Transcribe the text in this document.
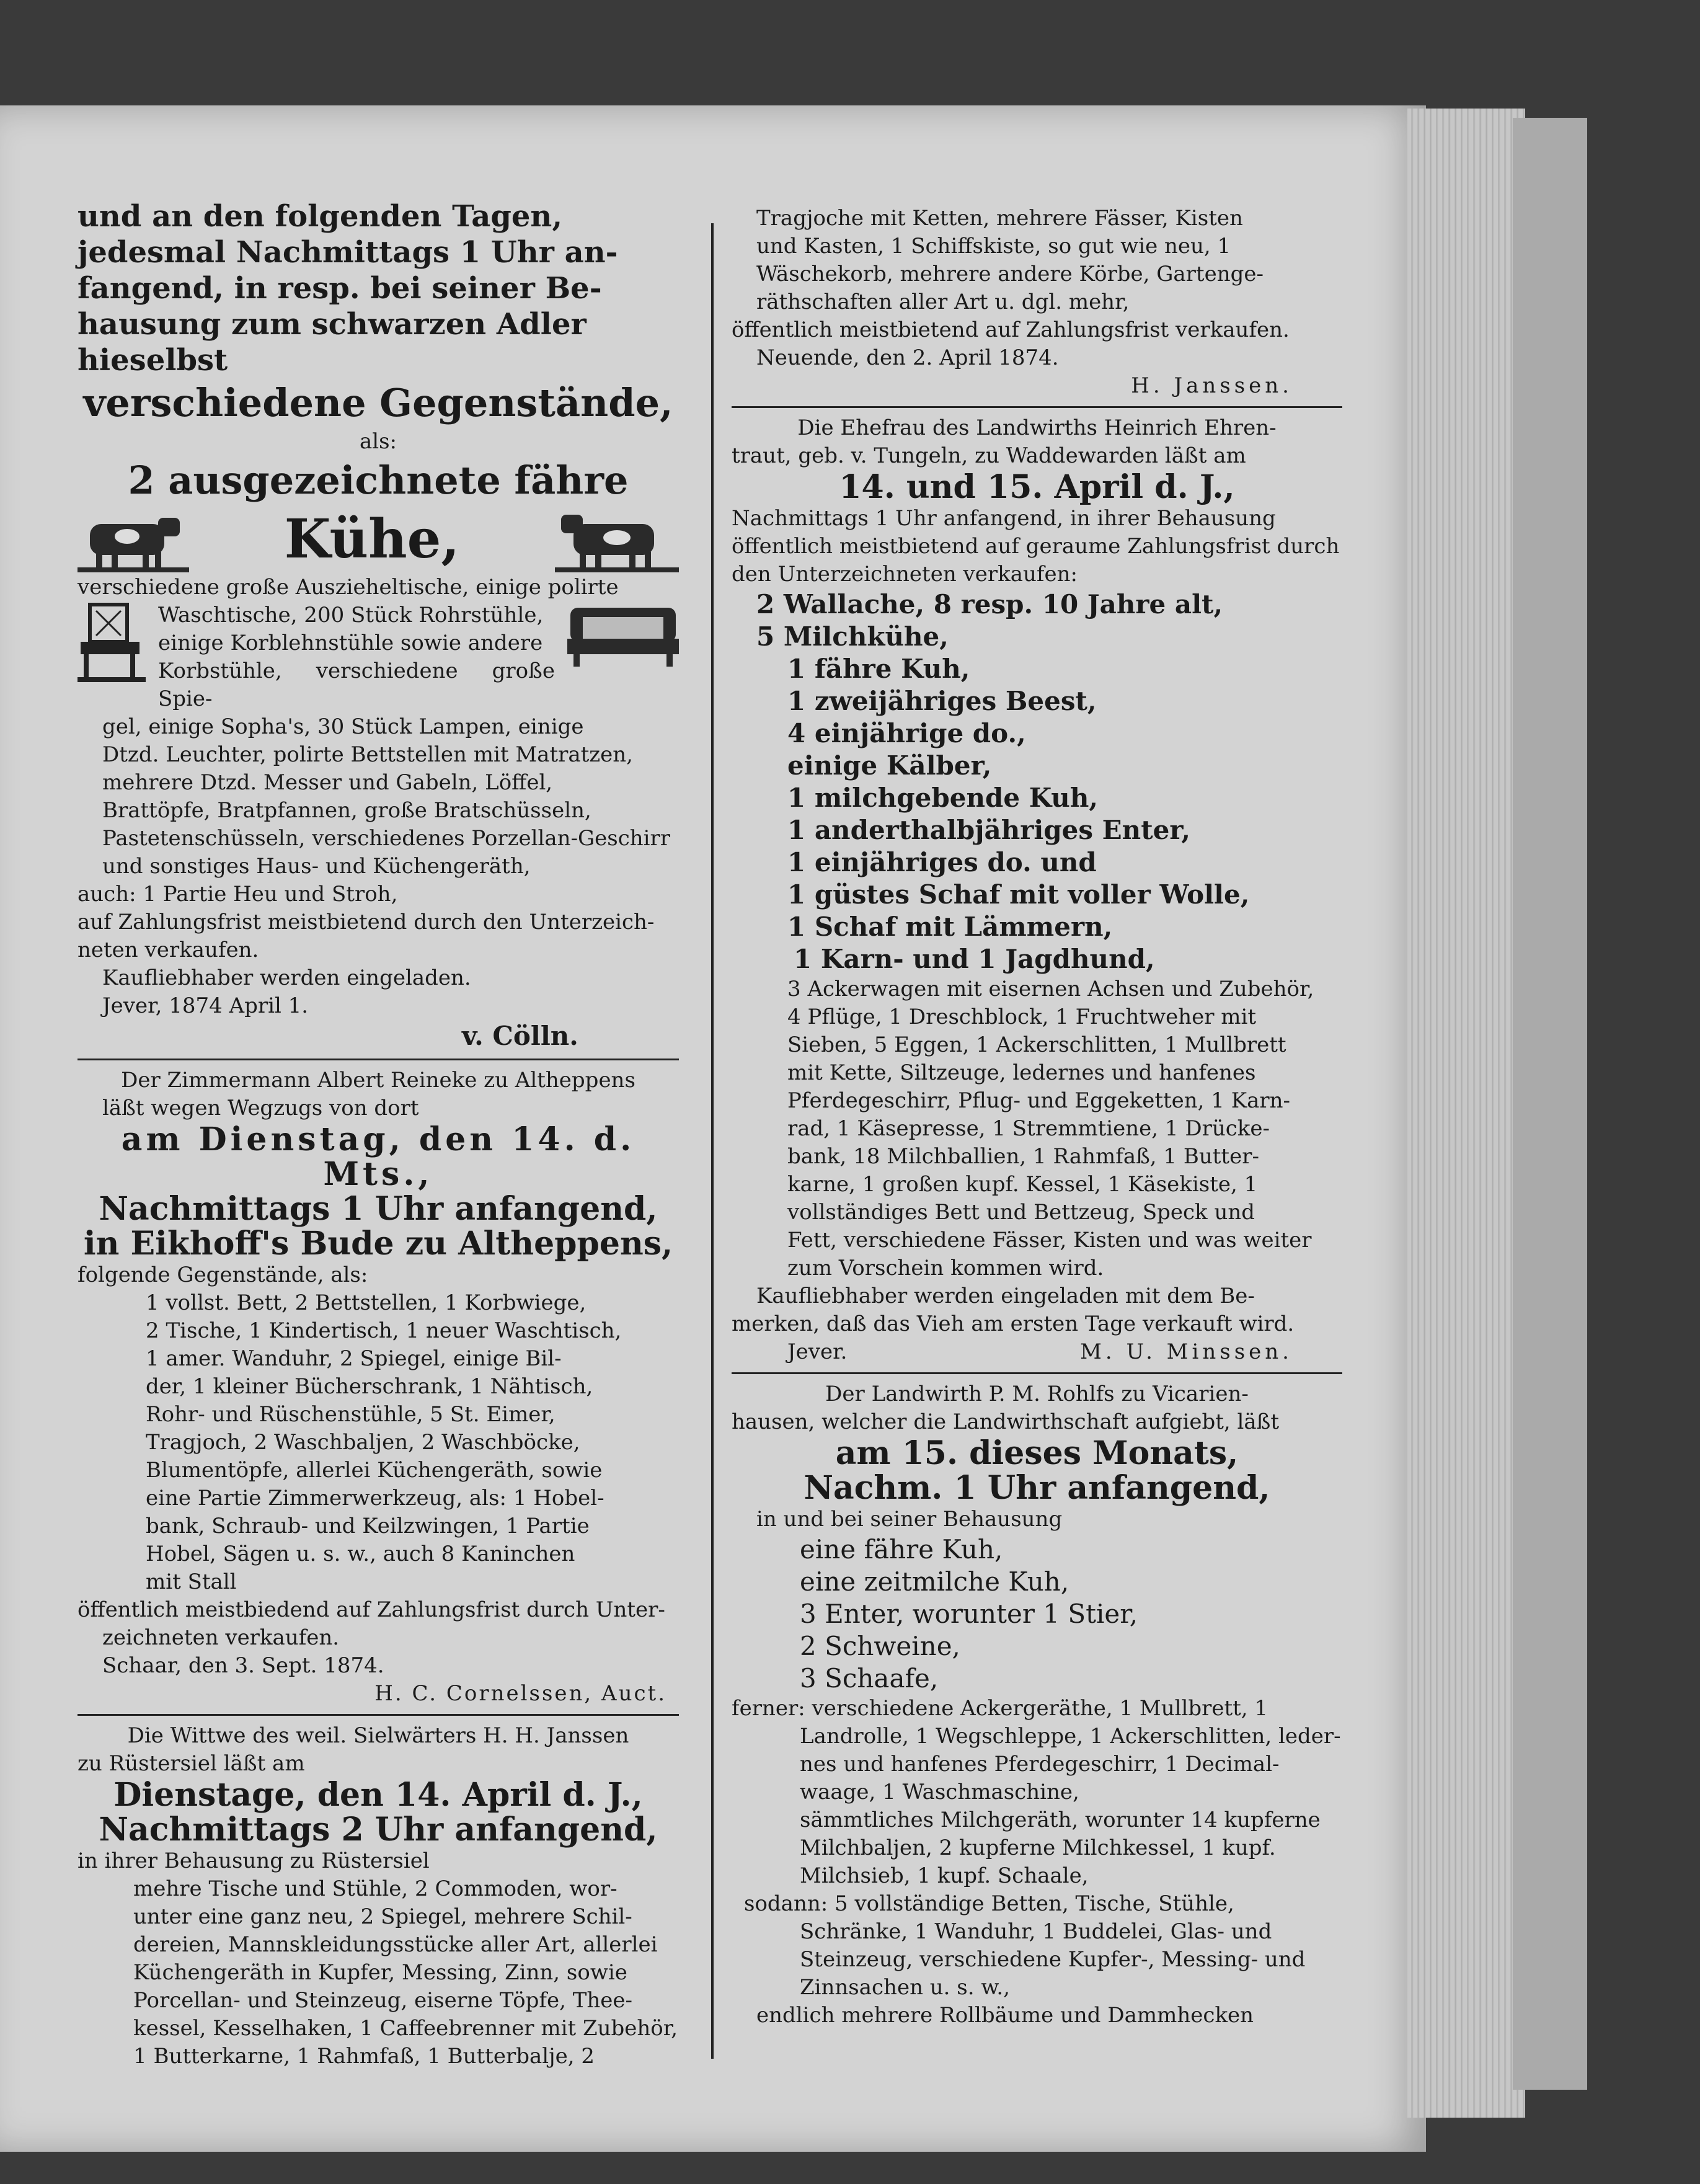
und an den folgenden Tagen,
jedesmal Nachmittags 1 Uhr an-
fangend, in resp. bei seiner Be-
hausung zum schwarzen Adler
hieselbst
verschiedene Gegenstände,
als:
2 ausgezeichnete fähre
Kühe,
verschiedene große Auszieheltische, einige polirte
Waschtische, 200 Stück Rohrstühle,
einige Korblehnstühle sowie andere
Korbstühle, verschiedene große Spie-
gel, einige Sopha's, 30 Stück Lampen, einige
Dtzd. Leuchter, polirte Bettstellen mit Matratzen,
mehrere Dtzd. Messer und Gabeln, Löffel,
Brattöpfe, Bratpfannen, große Bratschüsseln,
Pastetenschüsseln, verschiedenes Porzellan-Geschirr
und sonstiges Haus- und Küchengeräth,
auch: 1 Partie Heu und Stroh,
auf Zahlungsfrist meistbietend durch den Unterzeich-
neten verkaufen.
Kaufliebhaber werden eingeladen.
Jever, 1874 April 1.
v. Cölln.
Der Zimmermann Albert Reineke zu Altheppens
läßt wegen Wegzugs von dort
am Dienstag, den 14. d. Mts.,
Nachmittags 1 Uhr anfangend,
in Eikhoff's Bude zu Altheppens,
folgende Gegenstände, als:
1 vollst. Bett, 2 Bettstellen, 1 Korbwiege,
2 Tische, 1 Kindertisch, 1 neuer Waschtisch,
1 amer. Wanduhr, 2 Spiegel, einige Bil-
der, 1 kleiner Bücherschrank, 1 Nähtisch,
Rohr- und Rüschenstühle, 5 St. Eimer,
Tragjoch, 2 Waschbaljen, 2 Waschböcke,
Blumentöpfe, allerlei Küchengeräth, sowie
eine Partie Zimmerwerkzeug, als: 1 Hobel-
bank, Schraub- und Keilzwingen, 1 Partie
Hobel, Sägen u. s. w., auch 8 Kaninchen
mit Stall
öffentlich meistbiedend auf Zahlungsfrist durch Unter-
zeichneten verkaufen.
Schaar, den 3. Sept. 1874.
H. C. Cornelssen, Auct.
Die Wittwe des weil. Sielwärters H. H. Janssen
zu Rüstersiel läßt am
Dienstage, den 14. April d. J.,
Nachmittags 2 Uhr anfangend,
in ihrer Behausung zu Rüstersiel
mehre Tische und Stühle, 2 Commoden, wor-
unter eine ganz neu, 2 Spiegel, mehrere Schil-
dereien, Mannskleidungsstücke aller Art, allerlei
Küchengeräth in Kupfer, Messing, Zinn, sowie
Porcellan- und Steinzeug, eiserne Töpfe, Thee-
kessel, Kesselhaken, 1 Caffeebrenner mit Zubehör,
1 Butterkarne, 1 Rahmfaß, 1 Butterbalje, 2
Tragjoche mit Ketten, mehrere Fässer, Kisten
und Kasten, 1 Schiffskiste, so gut wie neu, 1
Wäschekorb, mehrere andere Körbe, Gartenge-
räthschaften aller Art u. dgl. mehr,
öffentlich meistbietend auf Zahlungsfrist verkaufen.
Neuende, den 2. April 1874.
H. Janssen.
Die Ehefrau des Landwirths Heinrich Ehren-
traut, geb. v. Tungeln, zu Waddewarden läßt am
14. und 15. April d. J.,
Nachmittags 1 Uhr anfangend, in ihrer Behausung
öffentlich meistbietend auf geraume Zahlungsfrist durch
den Unterzeichneten verkaufen:
2 Wallache, 8 resp. 10 Jahre alt,
5 Milchkühe,
1 fähre Kuh,
1 zweijähriges Beest,
4 einjährige do.,
einige Kälber,
1 milchgebende Kuh,
1 anderthalbjähriges Enter,
1 einjähriges do. und
1 güstes Schaf mit voller Wolle,
1 Schaf mit Lämmern,
1 Karn- und 1 Jagdhund,
3 Ackerwagen mit eisernen Achsen und Zubehör,
4 Pflüge, 1 Dreschblock, 1 Fruchtweher mit
Sieben, 5 Eggen, 1 Ackerschlitten, 1 Mullbrett
mit Kette, Siltzeuge, ledernes und hanfenes
Pferdegeschirr, Pflug- und Eggeketten, 1 Karn-
rad, 1 Käsepresse, 1 Stremmtiene, 1 Drücke-
bank, 18 Milchballien, 1 Rahmfaß, 1 Butter-
karne, 1 großen kupf. Kessel, 1 Käsekiste, 1
vollständiges Bett und Bettzeug, Speck und
Fett, verschiedene Fässer, Kisten und was weiter
zum Vorschein kommen wird.
Kaufliebhaber werden eingeladen mit dem Be-
merken, daß das Vieh am ersten Tage verkauft wird.
Jever.	M. U. Minssen.
Der Landwirth P. M. Rohlfs zu Vicarien-
hausen, welcher die Landwirthschaft aufgiebt, läßt
am 15. dieses Monats,
Nachm. 1 Uhr anfangend,
in und bei seiner Behausung
eine fähre Kuh,
eine zeitmilche Kuh,
3 Enter, worunter 1 Stier,
2 Schweine,
3 Schaafe,
ferner: verschiedene Ackergeräthe, 1 Mullbrett, 1
Landrolle, 1 Wegschleppe, 1 Ackerschlitten, leder-
nes und hanfenes Pferdegeschirr, 1 Decimal-
waage, 1 Waschmaschine,
sämmtliches Milchgeräth, worunter 14 kupferne
Milchbaljen, 2 kupferne Milchkessel, 1 kupf.
Milchsieb, 1 kupf. Schaale,
sodann: 5 vollständige Betten, Tische, Stühle,
Schränke, 1 Wanduhr, 1 Buddelei, Glas- und
Steinzeug, verschiedene Kupfer-, Messing- und
Zinnsachen u. s. w.,
endlich mehrere Rollbäume und Dammhecken
